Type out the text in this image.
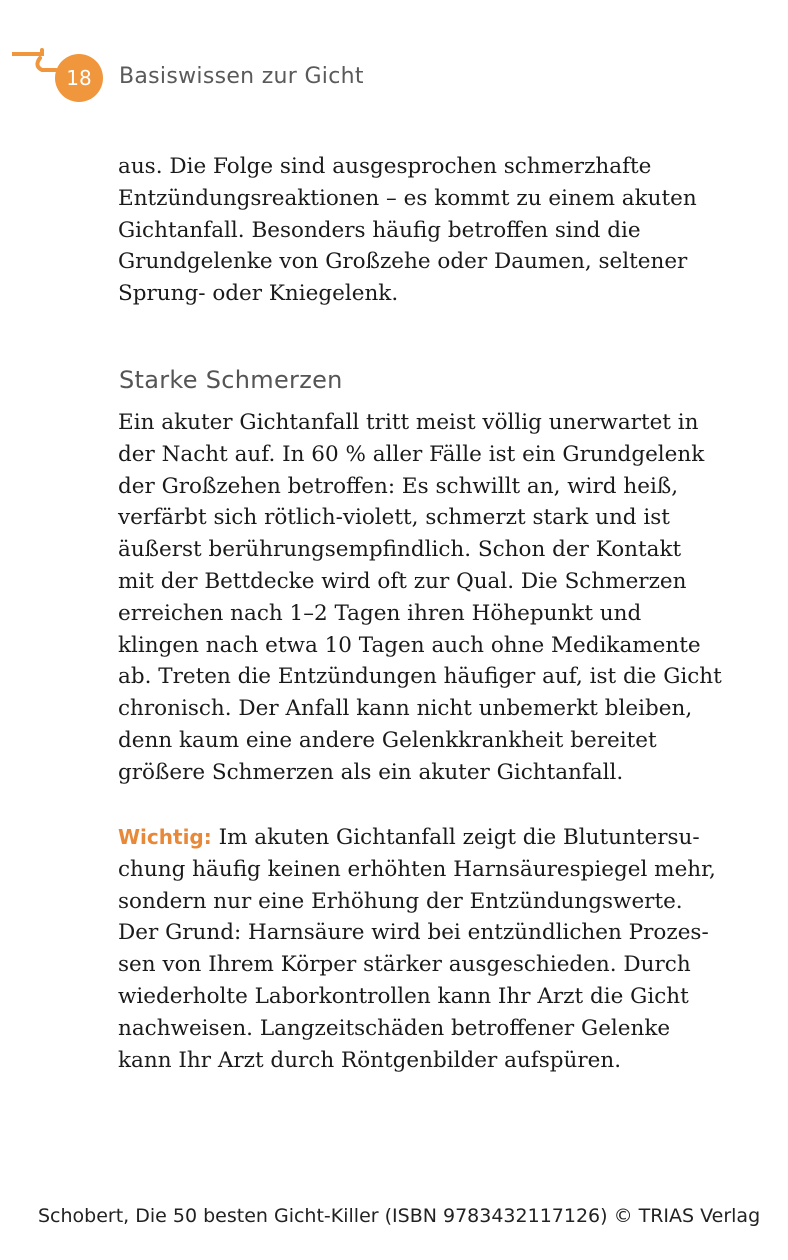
18 Basiswissen zur Gicht

aus. Die Folge sind ausgesprochen schmerzhafte
Entzündungsreaktionen – es kommt zu einem akuten
Gichtanfall. Besonders häufig betroffen sind die
Grundgelenke von Großzehe oder Daumen, seltener
Sprung- oder Kniegelenk.

Starke Schmerzen

Ein akuter Gichtanfall tritt meist völlig unerwartet in
der Nacht auf. In 60 % aller Fälle ist ein Grundgelenk
der Großzehen betroffen: Es schwillt an, wird heiß,
verfärbt sich rötlich-violett, schmerzt stark und ist
äußerst berührungsempfindlich. Schon der Kontakt
mit der Bettdecke wird oft zur Qual. Die Schmerzen
erreichen nach 1–2 Tagen ihren Höhepunkt und
klingen nach etwa 10 Tagen auch ohne Medikamente
ab. Treten die Entzündungen häufiger auf, ist die Gicht
chronisch. Der Anfall kann nicht unbemerkt bleiben,
denn kaum eine andere Gelenkkrankheit bereitet
größere Schmerzen als ein akuter Gichtanfall.

Wichtig: Im akuten Gichtanfall zeigt die Blutuntersu-
chung häufig keinen erhöhten Harnsäurespiegel mehr,
sondern nur eine Erhöhung der Entzündungswerte.
Der Grund: Harnsäure wird bei entzündlichen Prozes-
sen von Ihrem Körper stärker ausgeschieden. Durch
wiederholte Laborkontrollen kann Ihr Arzt die Gicht
nachweisen. Langzeitschäden betroffener Gelenke
kann Ihr Arzt durch Röntgenbilder aufspüren.

Schobert, Die 50 besten Gicht-Killer (ISBN 9783432117126) © TRIAS Verlag
